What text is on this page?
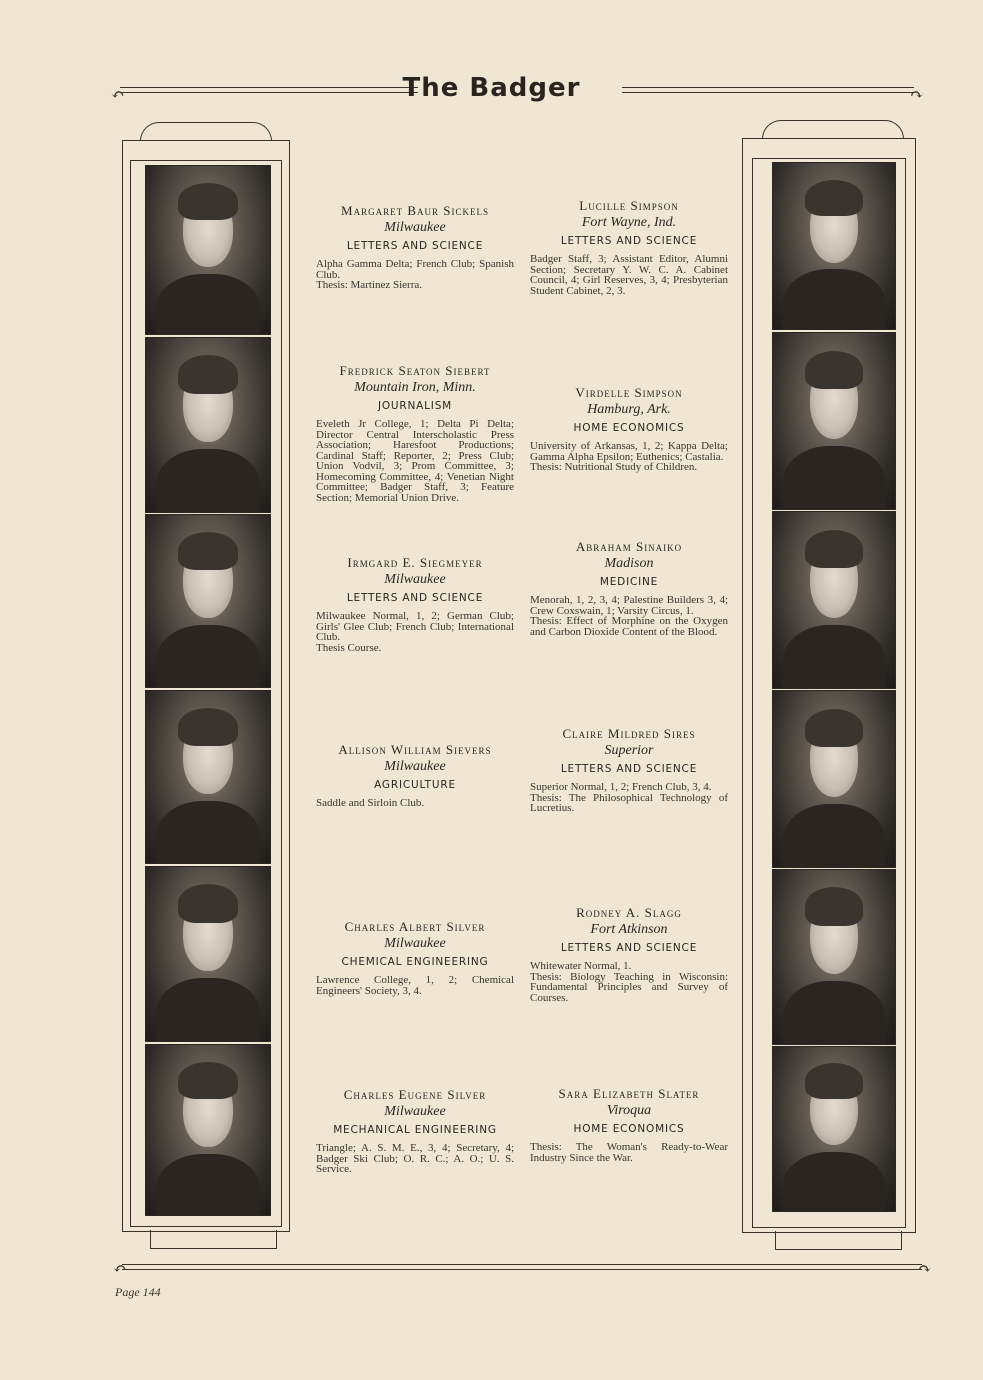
↶	The Badger	↷
Margaret Baur Sickels
Milwaukee
LETTERS AND SCIENCE
Alpha Gamma Delta; French Club; Spanish Club.
Thesis: Martinez Sierra.
Fredrick Seaton Siebert
Mountain Iron, Minn.
JOURNALISM
Eveleth Jr College, 1; Delta Pi Delta; Director Central Interscholastic Press Association; Haresfoot Productions; Cardinal Staff; Reporter, 2; Press Club; Union Vodvil, 3; Prom Committee, 3; Homecoming Committee, 4; Venetian Night Committee; Badger Staff, 3; Feature Section; Memorial Union Drive.
Irmgard E. Siegmeyer
Milwaukee
LETTERS AND SCIENCE
Milwaukee Normal, 1, 2; German Club; Girls' Glee Club; French Club; International Club.
Thesis Course.
Allison William Sievers
Milwaukee
AGRICULTURE
Saddle and Sirloin Club.
Charles Albert Silver
Milwaukee
CHEMICAL ENGINEERING
Lawrence College, 1, 2; Chemical Engineers' Society, 3, 4.
Charles Eugene Silver
Milwaukee
MECHANICAL ENGINEERING
Triangle; A. S. M. E., 3, 4; Secretary, 4; Badger Ski Club; O. R. C.; A. O.; U. S. Service.
Lucille Simpson
Fort Wayne, Ind.
LETTERS AND SCIENCE
Badger Staff, 3; Assistant Editor, Alumni Section; Secretary Y. W. C. A. Cabinet Council, 4; Girl Reserves, 3, 4; Presbyterian Student Cabinet, 2, 3.
Virdelle Simpson
Hamburg, Ark.
HOME ECONOMICS
University of Arkansas, 1, 2; Kappa Delta; Gamma Alpha Epsilon; Euthenics; Castalia.
Thesis: Nutritional Study of Children.
Abraham Sinaiko
Madison
MEDICINE
Menorah, 1, 2, 3, 4; Palestine Builders 3, 4; Crew Coxswain, 1; Varsity Circus, 1.
Thesis: Effect of Morphine on the Oxygen and Carbon Dioxide Content of the Blood.
Claire Mildred Sires
Superior
LETTERS AND SCIENCE
Superior Normal, 1, 2; French Club, 3, 4.
Thesis: The Philosophical Technology of Lucretius.
Rodney A. Slagg
Fort Atkinson
LETTERS AND SCIENCE
Whitewater Normal, 1.
Thesis: Biology Teaching in Wisconsin: Fundamental Principles and Survey of Courses.
Sara Elizabeth Slater
Viroqua
HOME ECONOMICS
Thesis: The Woman's Ready-to-Wear Industry Since the War.
↶	↷
Page 144
